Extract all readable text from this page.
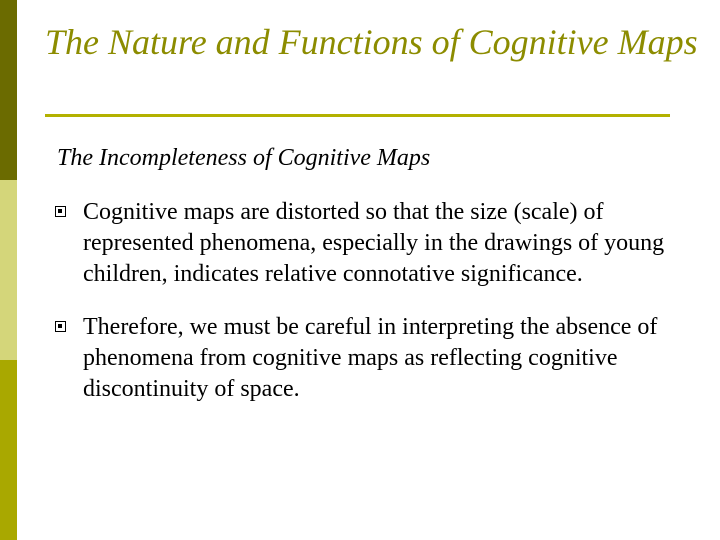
The Nature and Functions of Cognitive Maps
The Incompleteness of Cognitive Maps
Cognitive maps are distorted so that the size (scale) of represented phenomena, especially in the drawings of young children, indicates relative connotative significance.
Therefore, we must be careful in interpreting the absence of phenomena from cognitive maps as reflecting cognitive discontinuity of space.
